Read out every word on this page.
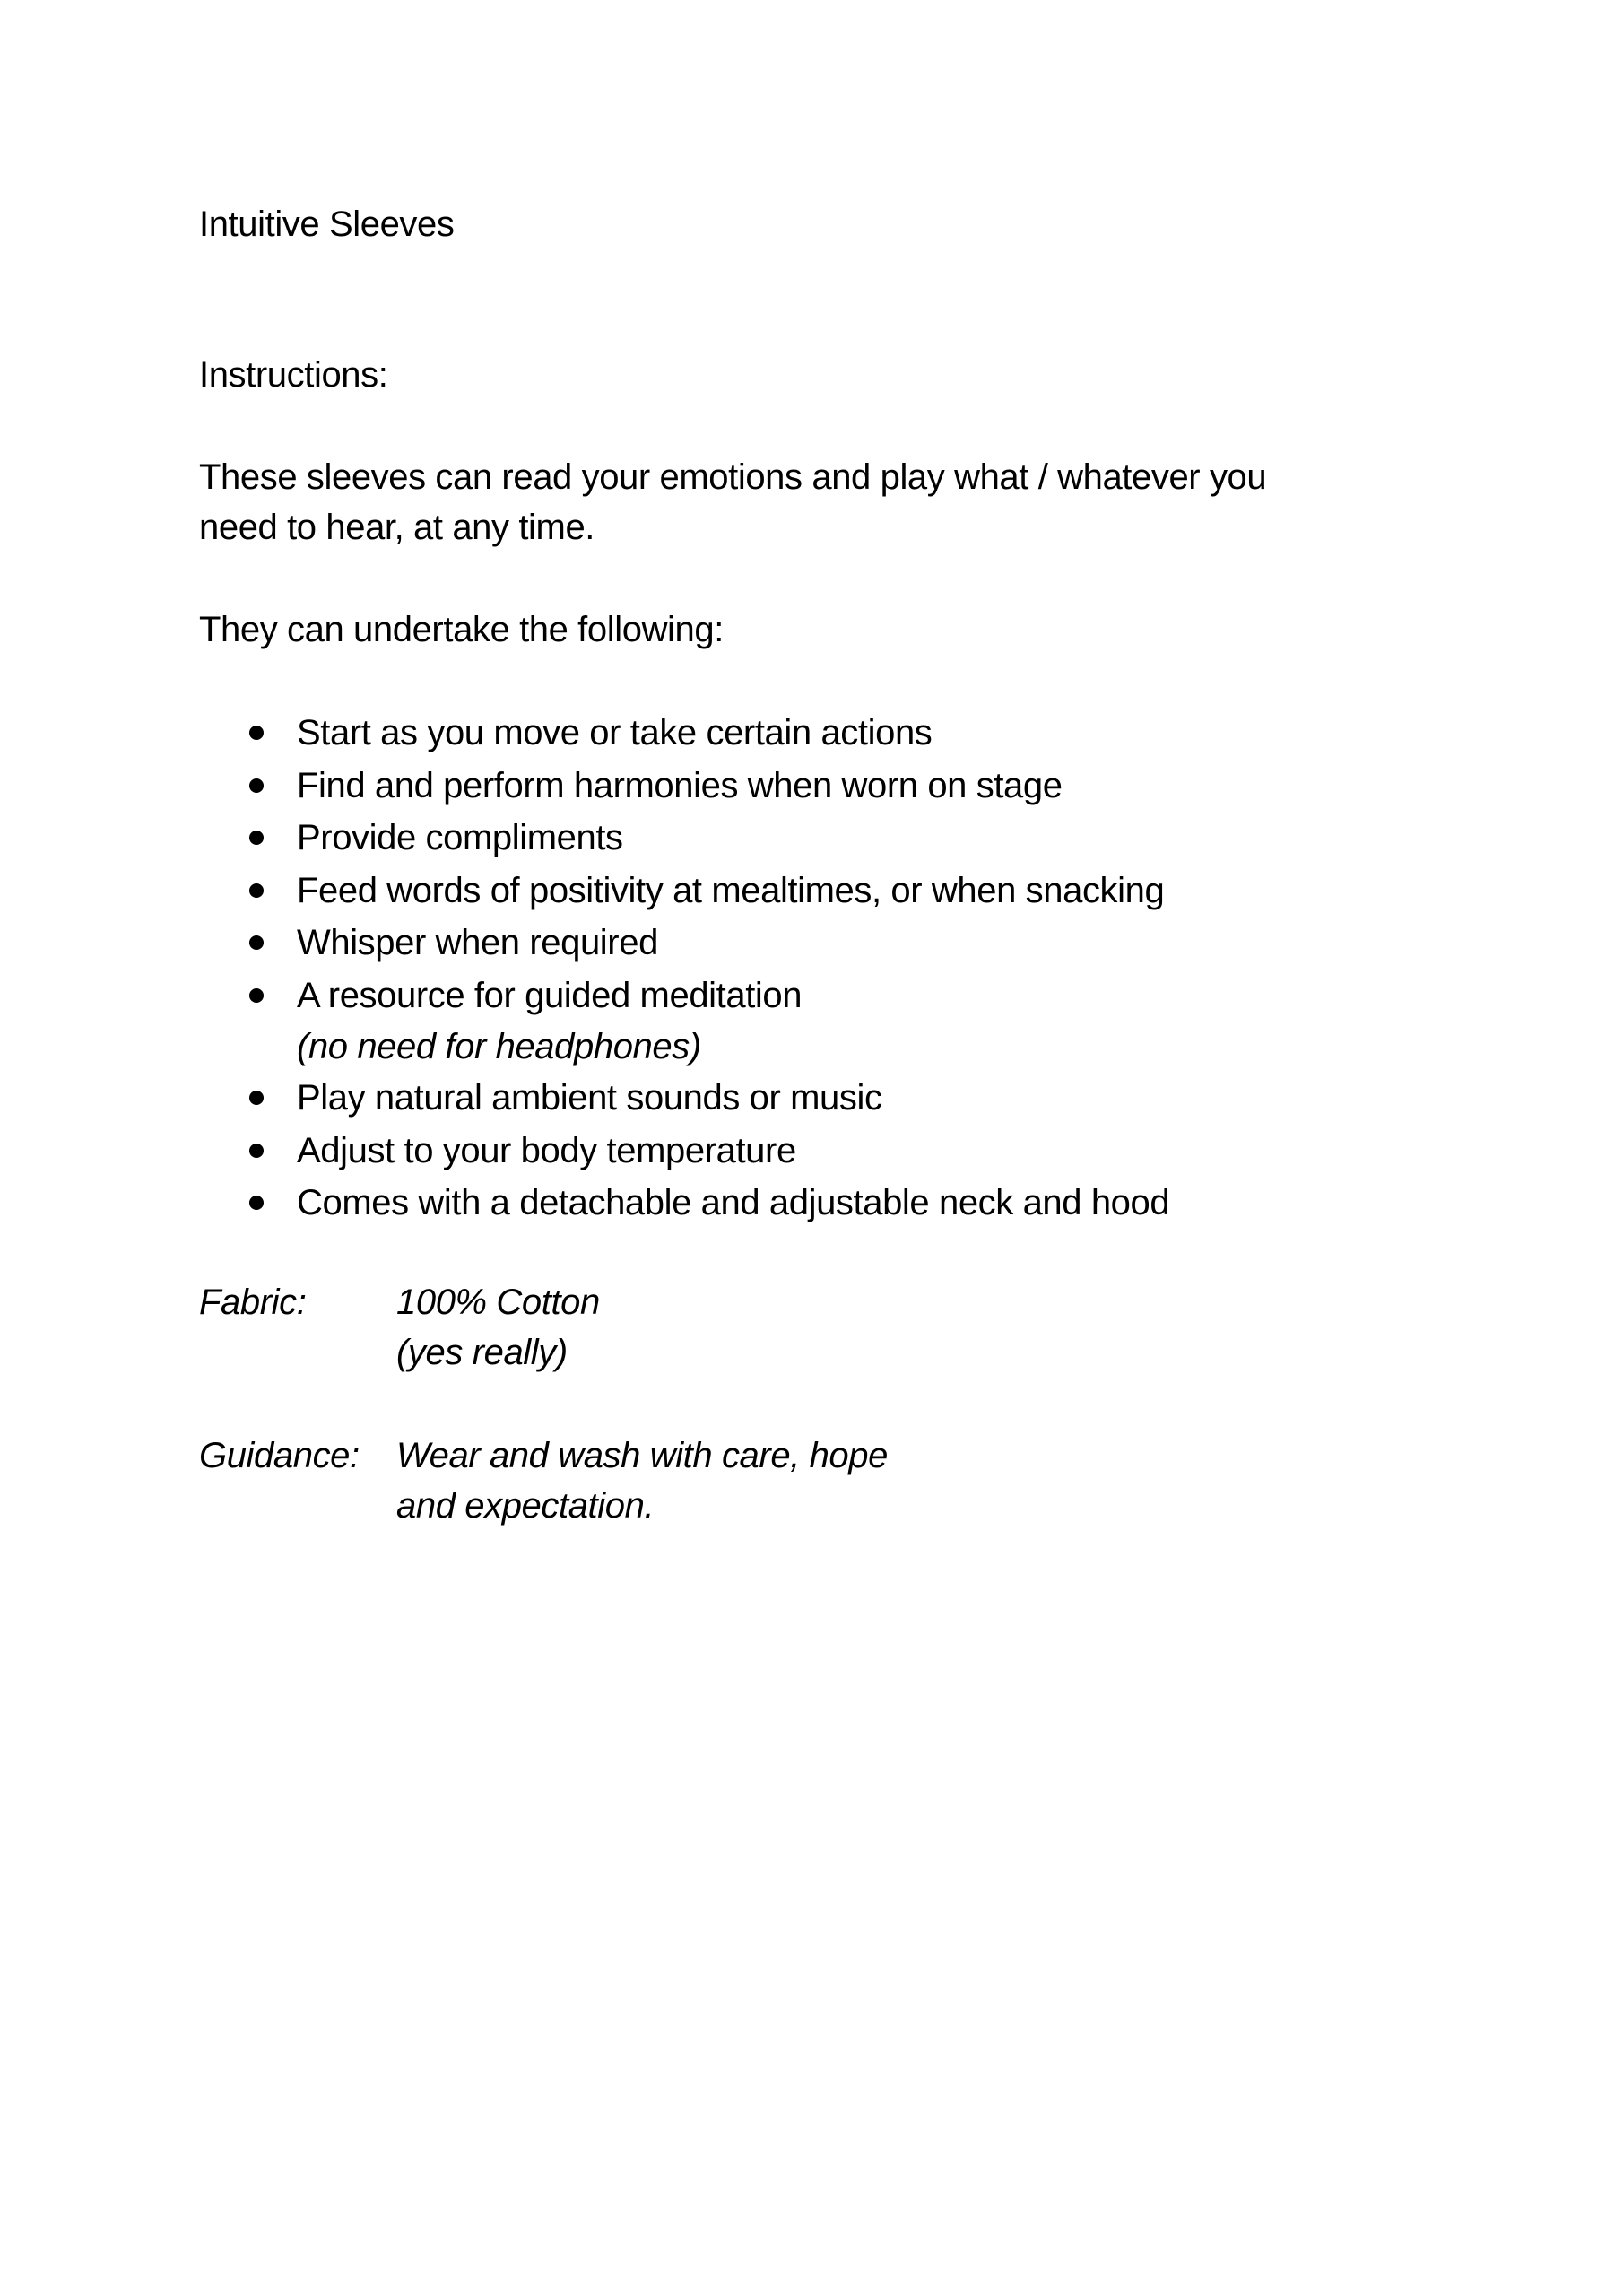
Intuitive Sleeves
Instructions:
These sleeves can read your emotions and play what / whatever you
need to hear, at any time.
They can undertake the following:
Start as you move or take certain actions
Find and perform harmonies when worn on stage
Provide compliments
Feed words of positivity at mealtimes, or when snacking
Whisper when required
A resource for guided meditation
(no need for headphones)
Play natural ambient sounds or music
Adjust to your body temperature
Comes with a detachable and adjustable neck and hood
Fabric:	100% Cotton
(yes really)
Guidance: Wear and wash with care, hope
and expectation.
